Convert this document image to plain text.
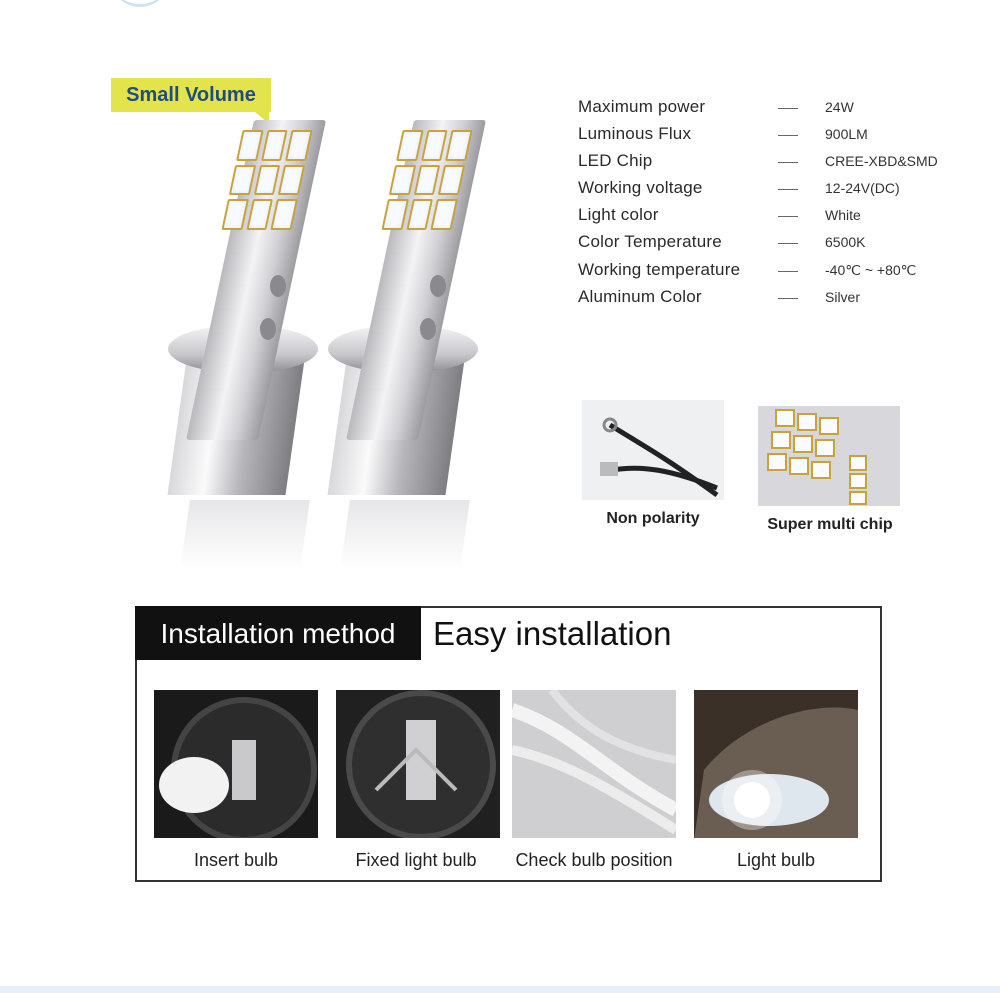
Small Volume
Maximum power	24W
Luminous Flux	900LM
LED Chip	CREE-XBD&SMD
Working voltage	12-24V(DC)
Light color	White
Color Temperature	6500K
Working temperature	-40℃ ~ +80℃
Aluminum Color	Silver
Non polarity	Super multi chip
Installation method	Easy installation
Insert bulb	Fixed light bulb	Check bulb position	Light bulb
